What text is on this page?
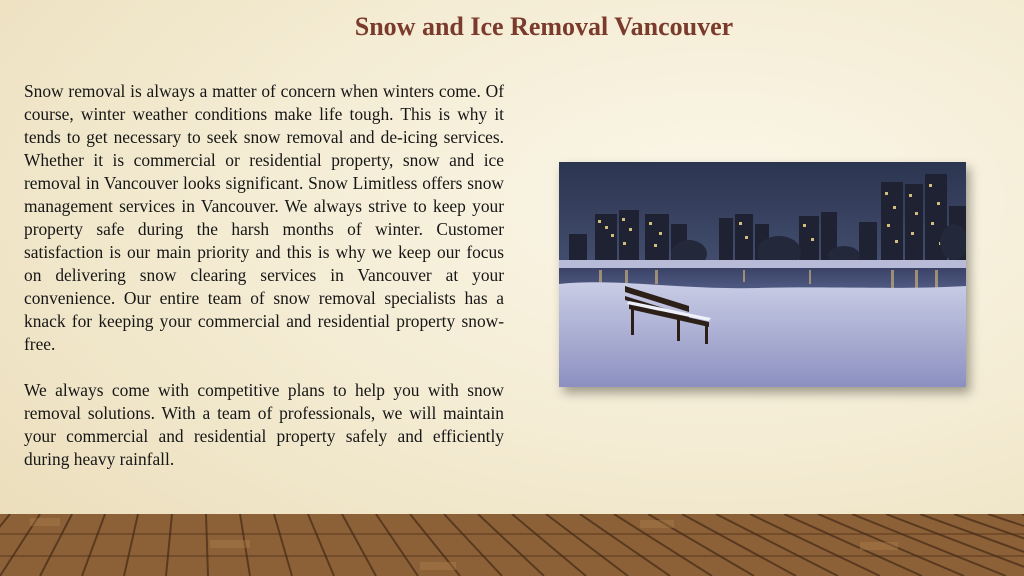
Snow and Ice Removal Vancouver

Snow removal is always a matter of concern when winters come. Of course, winter weather conditions make life tough. This is why it tends to get necessary to seek snow removal and de-icing services. Whether it is commercial or residential property, snow and ice removal in Vancouver looks significant. Snow Limitless offers snow management services in Vancouver. We always strive to keep your property safe during the harsh months of winter. Customer satisfaction is our main priority and this is why we keep our focus on delivering snow clearing services in Vancouver at your convenience. Our entire team of snow removal specialists has a knack for keeping your commercial and residential property snow-free.

We always come with competitive plans to help you with snow removal solutions. With a team of professionals, we will maintain your commercial and residential property safely and efficiently during heavy rainfall.
